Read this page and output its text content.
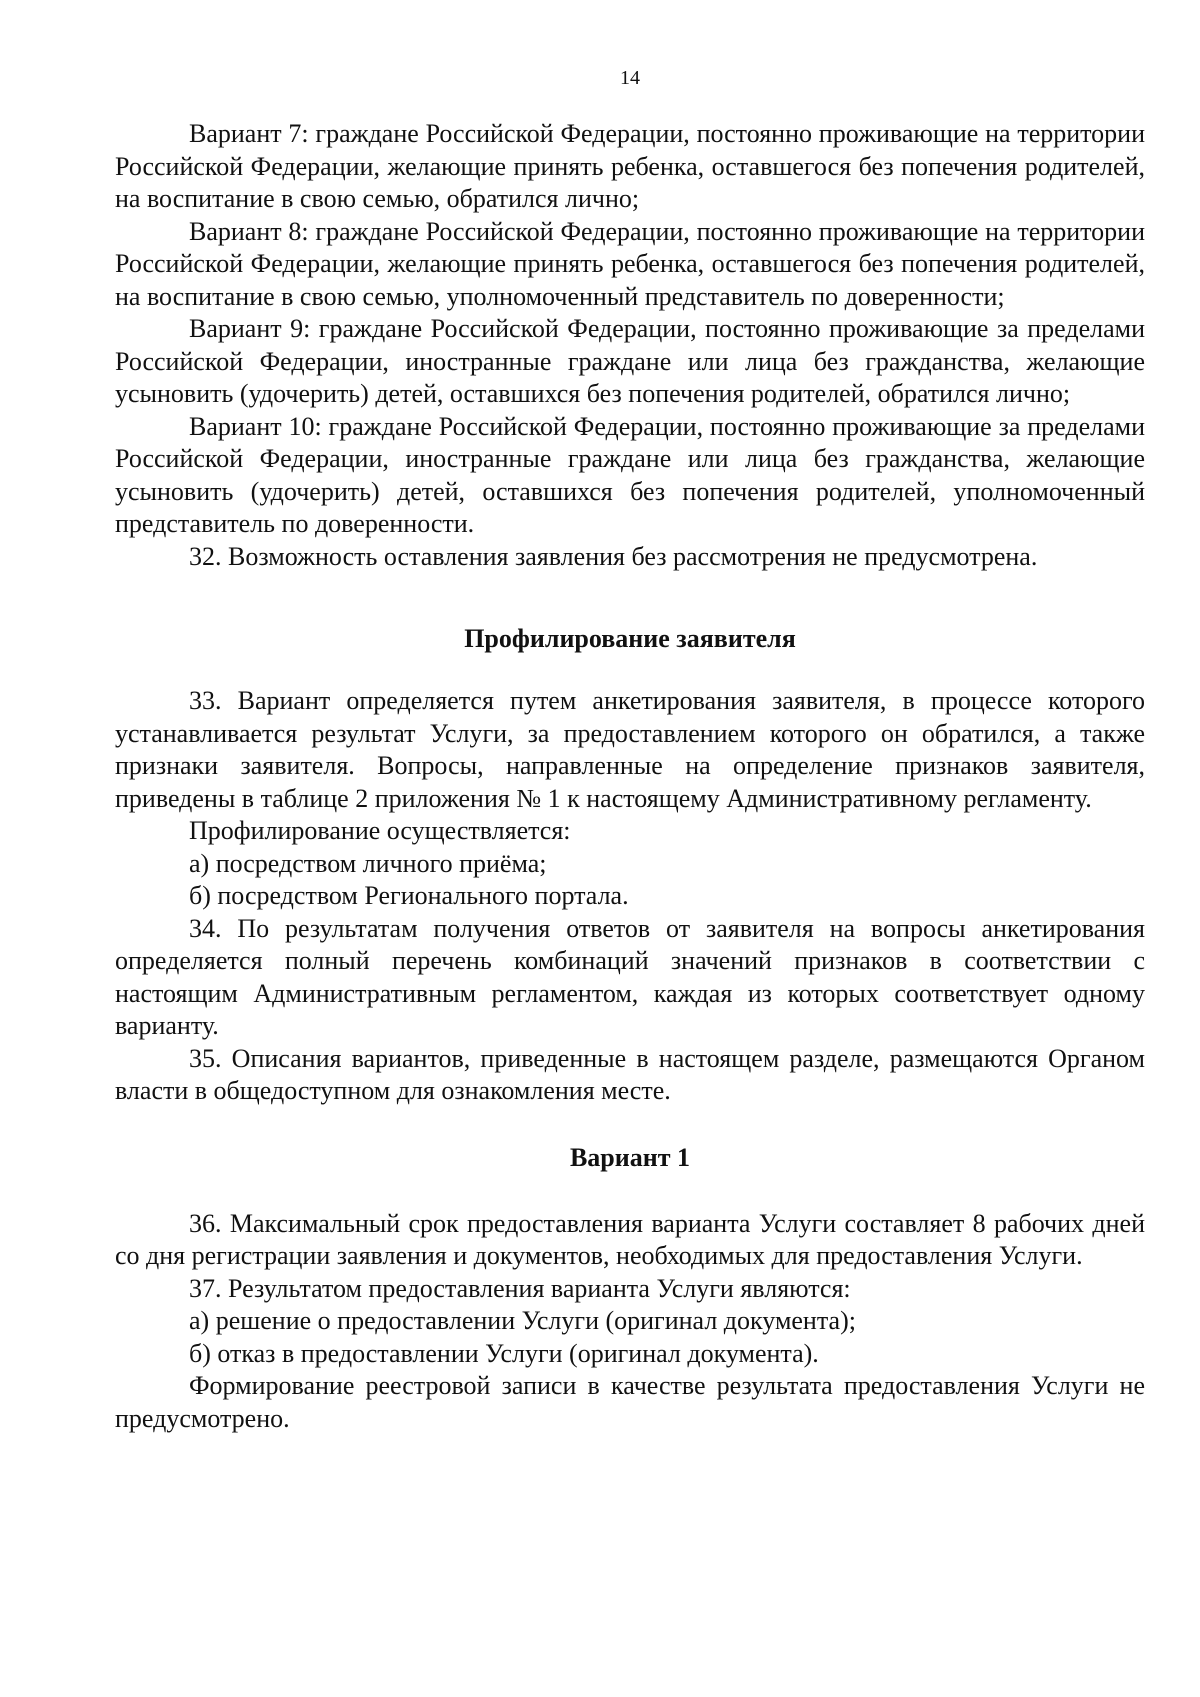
14

Вариант 7: граждане Российской Федерации, постоянно проживающие на территории Российской Федерации, желающие принять ребенка, оставшегося без попечения родителей, на воспитание в свою семью, обратился лично;

Вариант 8: граждане Российской Федерации, постоянно проживающие на территории Российской Федерации, желающие принять ребенка, оставшегося без попечения родителей, на воспитание в свою семью, уполномоченный представитель по доверенности;

Вариант 9: граждане Российской Федерации, постоянно проживающие за пределами Российской Федерации, иностранные граждане или лица без гражданства, желающие усыновить (удочерить) детей, оставшихся без попечения родителей, обратился лично;

Вариант 10: граждане Российской Федерации, постоянно проживающие за пределами Российской Федерации, иностранные граждане или лица без гражданства, желающие усыновить (удочерить) детей, оставшихся без попечения родителей, уполномоченный представитель по доверенности.

32. Возможность оставления заявления без рассмотрения не предусмотрена.

Профилирование заявителя

33. Вариант определяется путем анкетирования заявителя, в процессе которого устанавливается результат Услуги, за предоставлением которого он обратился, а также признаки заявителя. Вопросы, направленные на определение признаков заявителя, приведены в таблице 2 приложения № 1 к настоящему Административному регламенту.

Профилирование осуществляется:

а) посредством личного приёма;

б) посредством Регионального портала.

34. По результатам получения ответов от заявителя на вопросы анкетирования определяется полный перечень комбинаций значений признаков в соответствии с настоящим Административным регламентом, каждая из которых соответствует одному варианту.

35. Описания вариантов, приведенные в настоящем разделе, размещаются Органом власти в общедоступном для ознакомления месте.

Вариант 1

36. Максимальный срок предоставления варианта Услуги составляет 8 рабочих дней со дня регистрации заявления и документов, необходимых для предоставления Услуги.

37. Результатом предоставления варианта Услуги являются:

а) решение о предоставлении Услуги (оригинал документа);

б) отказ в предоставлении Услуги (оригинал документа).

Формирование реестровой записи в качестве результата предоставления Услуги не предусмотрено.
